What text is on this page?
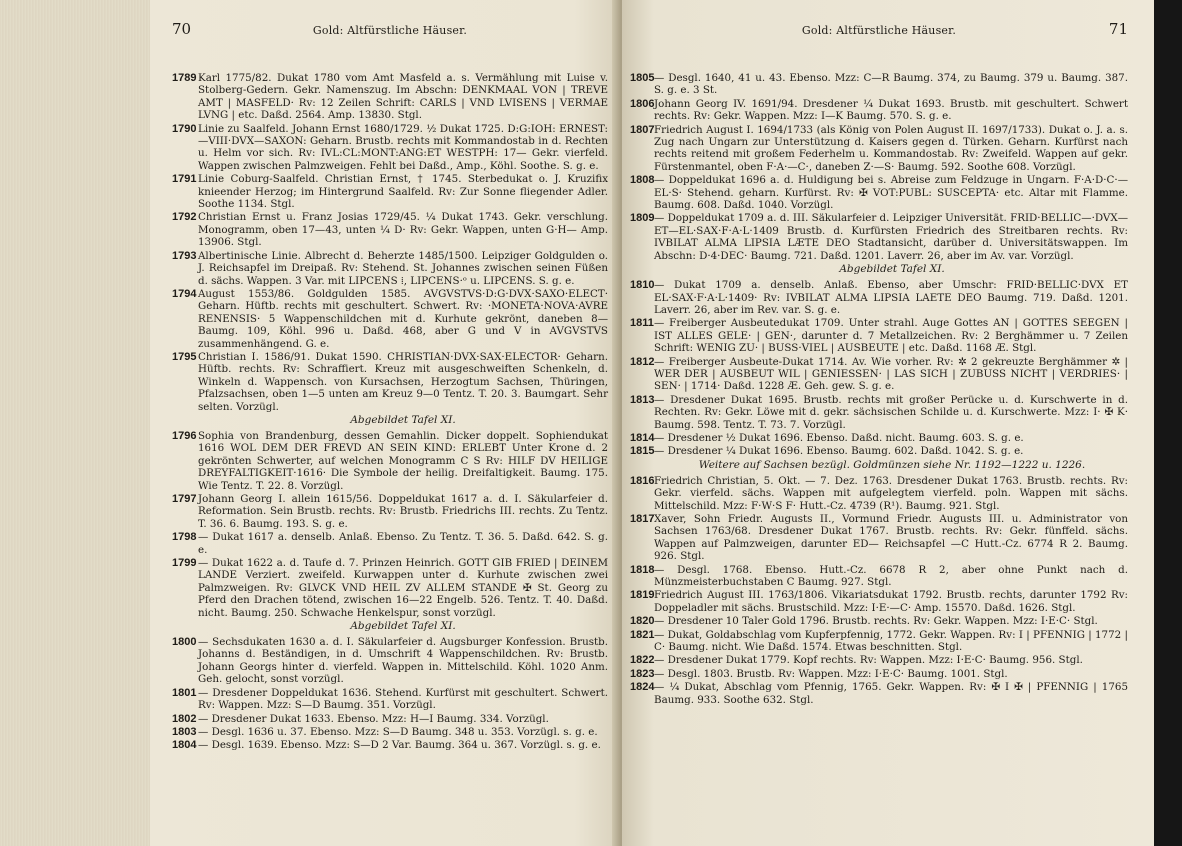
70	Gold: Altfürstliche Häuser.
1789 Karl 1775/82. Dukat 1780 vom Amt Masfeld a. s. Vermählung mit Luise v. Stolberg-Gedern. Gekr. Namenszug. Im Abschn: DENKMAAL VON | TREVE AMT | MASFELD· Rv: 12 Zeilen Schrift: CARLS | VND LVISENS | VERMAE LVNG | etc. Daßd. 2564. Amp. 13830. Stgl.
1790 Linie zu Saalfeld. Johann Ernst 1680/1729. ½ Dukat 1725. D:G:IOH: ERNEST:—VIII·DVX—SAXON: Geharn. Brustb. rechts mit Kommandostab in d. Rechten u. Helm vor sich. Rv: IVL:CL:MONT:ANG:ET WESTPH: 17— Gekr. vierfeld. Wappen zwischen Palmzweigen. Fehlt bei Daßd., Amp., Köhl. Soothe. S. g. e.
1791 Linie Coburg-Saalfeld. Christian Ernst, † 1745. Sterbedukat o. J. Kruzifix knieender Herzog; im Hintergrund Saalfeld. Rv: Zur Sonne fliegender Adler. Soothe 1134. Stgl.
1792 Christian Ernst u. Franz Josias 1729/45. ¼ Dukat 1743. Gekr. verschlung. Monogramm, oben 17—43, unten ¼ D· Rv: Gekr. Wappen, unten G·H— Amp. 13906. Stgl.
1793 Albertinische Linie. Albrecht d. Beherzte 1485/1500. Leipziger Goldgulden o. J. Reichsapfel im Dreipaß. Rv: Stehend. St. Johannes zwischen seinen Füßen d. sächs. Wappen. 3 Var. mit LIPCENS ⁞, LIPCENS·ᵒ u. LIPCENS. S. g. e.
1794 August 1553/86. Goldgulden 1585. AVGVSTVS·D:G·DVX·SAXO·ELECT· Geharn. Hüftb. rechts mit geschultert. Schwert. Rv: ·MONETA·NOVA·AVRE RENENSIS· 5 Wappenschildchen mit d. Kurhute gekrönt, daneben 8— Baumg. 109, Köhl. 996 u. Daßd. 468, aber G und V in AVGVSTVS zusammenhängend. G. e.
1795 Christian I. 1586/91. Dukat 1590. CHRISTIAN·DVX·SAX·ELECTOR· Geharn. Hüftb. rechts. Rv: Schraffiert. Kreuz mit ausgeschweiften Schenkeln, d. Winkeln d. Wappensch. von Kursachsen, Herzogtum Sachsen, Thüringen, Pfalzsachsen, oben 1—5 unten am Kreuz 9—0 Tentz. T. 20. 3. Baumgart. Sehr selten. Vorzügl.
Abgebildet Tafel XI.
1796 Sophia von Brandenburg, dessen Gemahlin. Dicker doppelt. Sophiendukat 1616 WOL DEM DER FREVD AN SEIN KIND: ERLEBT Unter Krone d. 2 gekrönten Schwerter, auf welchen Monogramm C S Rv: HILF DV HEILIGE DREYFALTIGKEIT·1616· Die Symbole der heilig. Dreifaltigkeit. Baumg. 175. Wie Tentz. T. 22. 8. Vorzügl.
1797 Johann Georg I. allein 1615/56. Doppeldukat 1617 a. d. I. Säkularfeier d. Reformation. Sein Brustb. rechts. Rv: Brustb. Friedrichs III. rechts. Zu Tentz. T. 36. 6. Baumg. 193. S. g. e.
1798 — Dukat 1617 a. denselb. Anlaß. Ebenso. Zu Tentz. T. 36. 5. Daßd. 642. S. g. e.
1799 — Dukat 1622 a. d. Taufe d. 7. Prinzen Heinrich. GOTT GIB FRIED | DEINEM LANDE Verziert. zweifeld. Kurwappen unter d. Kurhute zwischen zwei Palmzweigen. Rv: GLVCK VND HEIL ZV ALLEM STANDE ✠ St. Georg zu Pferd den Drachen tötend, zwischen 16—22 Engelb. 526. Tentz. T. 40. Daßd. nicht. Baumg. 250. Schwache Henkelspur, sonst vorzügl.
Abgebildet Tafel XI.
1800 — Sechsdukaten 1630 a. d. I. Säkularfeier d. Augsburger Konfession. Brustb. Johanns d. Beständigen, in d. Umschrift 4 Wappenschildchen. Rv: Brustb. Johann Georgs hinter d. vierfeld. Wappen in. Mittelschild. Köhl. 1020 Anm. Geh. gelocht, sonst vorzügl.
1801 — Dresdener Doppeldukat 1636. Stehend. Kurfürst mit geschultert. Schwert. Rv: Wappen. Mzz: S—D Baumg. 351. Vorzügl.
1802 — Dresdener Dukat 1633. Ebenso. Mzz: H—I Baumg. 334. Vorzügl.
1803 — Desgl. 1636 u. 37. Ebenso. Mzz: S—D Baumg. 348 u. 353. Vorzügl. s. g. e.
1804 — Desgl. 1639. Ebenso. Mzz: S—D 2 Var. Baumg. 364 u. 367. Vorzügl. s. g. e.
Gold: Altfürstliche Häuser.	71
1805 — Desgl. 1640, 41 u. 43. Ebenso. Mzz: C—R Baumg. 374, zu Baumg. 379 u. Baumg. 387. S. g. e. 3 St.
1806 Johann Georg IV. 1691/94. Dresdener ¼ Dukat 1693. Brustb. mit geschultert. Schwert rechts. Rv: Gekr. Wappen. Mzz: I—K Baumg. 570. S. g. e.
1807 Friedrich August I. 1694/1733 (als König von Polen August II. 1697/1733). Dukat o. J. a. s. Zug nach Ungarn zur Unterstützung d. Kaisers gegen d. Türken. Geharn. Kurfürst nach rechts reitend mit großem Federhelm u. Kommandostab. Rv: Zweifeld. Wappen auf gekr. Fürstenmantel, oben F·A·—C·, daneben Z·—S· Baumg. 592. Soothe 608. Vorzügl.
1808 — Doppeldukat 1696 a. d. Huldigung bei s. Abreise zum Feldzuge in Ungarn. F·A·D·C·—EL·S· Stehend. geharn. Kurfürst. Rv: ✠ VOT:PUBL: SUSCEPTA· etc. Altar mit Flamme. Baumg. 608. Daßd. 1040. Vorzügl.
1809 — Doppeldukat 1709 a. d. III. Säkularfeier d. Leipziger Universität. FRID·BELLIC—·DVX—ET—EL·SAX·F·A·L·1409 Brustb. d. Kurfürsten Friedrich des Streitbaren rechts. Rv: IVBILAT ALMA LIPSIA LÆTE DEO Stadtansicht, darüber d. Universitätswappen. Im Abschn: D·4·DEC· Baumg. 721. Daßd. 1201. Laverr. 26, aber im Av. var. Vorzügl.
Abgebildet Tafel XI.
1810 — Dukat 1709 a. denselb. Anlaß. Ebenso, aber Umschr: FRID·BELLIC·DVX ET EL·SAX·F·A·L·1409· Rv: IVBILAT ALMA LIPSIA LAETE DEO Baumg. 719. Daßd. 1201. Laverr. 26, aber im Rev. var. S. g. e.
1811 — Freiberger Ausbeutedukat 1709. Unter strahl. Auge Gottes AN | GOTTES SEEGEN | IST ALLES GELE· | GEN·, darunter d. 7 Metallzeichen. Rv: 2 Berghämmer u. 7 Zeilen Schrift: WENIG ZU· | BUSS·VIEL | AUSBEUTE | etc. Daßd. 1168 Æ. Stgl.
1812 — Freiberger Ausbeute-Dukat 1714. Av. Wie vorher. Rv: ✲ 2 gekreuzte Berghämmer ✲ | WER DER | AUSBEUT WIL | GENIESSEN· | LAS SICH | ZUBUSS NICHT | VERDRIES· | SEN· | 1714· Daßd. 1228 Æ. Geh. gew. S. g. e.
1813 — Dresdener Dukat 1695. Brustb. rechts mit großer Perücke u. d. Kurschwerte in d. Rechten. Rv: Gekr. Löwe mit d. gekr. sächsischen Schilde u. d. Kurschwerte. Mzz: I· ✠ K· Baumg. 598. Tentz. T. 73. 7. Vorzügl.
1814 — Dresdener ½ Dukat 1696. Ebenso. Daßd. nicht. Baumg. 603. S. g. e.
1815 — Dresdener ¼ Dukat 1696. Ebenso. Baumg. 602. Daßd. 1042. S. g. e.
Weitere auf Sachsen bezügl. Goldmünzen siehe Nr. 1192—1222 u. 1226.
1816 Friedrich Christian, 5. Okt. — 7. Dez. 1763. Dresdener Dukat 1763. Brustb. rechts. Rv: Gekr. vierfeld. sächs. Wappen mit aufgelegtem vierfeld. poln. Wappen mit sächs. Mittelschild. Mzz: F·W·S F· Hutt.-Cz. 4739 (R¹). Baumg. 921. Stgl.
1817 Xaver, Sohn Friedr. Augusts II., Vormund Friedr. Augusts III. u. Administrator von Sachsen 1763/68. Dresdener Dukat 1767. Brustb. rechts. Rv: Gekr. fünffeld. sächs. Wappen auf Palmzweigen, darunter ED— Reichsapfel —C Hutt.-Cz. 6774 R 2. Baumg. 926. Stgl.
1818 — Desgl. 1768. Ebenso. Hutt.-Cz. 6678 R 2, aber ohne Punkt nach d. Münzmeisterbuchstaben C Baumg. 927. Stgl.
1819 Friedrich August III. 1763/1806. Vikariatsdukat 1792. Brustb. rechts, darunter 1792 Rv: Doppeladler mit sächs. Brustschild. Mzz: I·E·—C· Amp. 15570. Daßd. 1626. Stgl.
1820 — Dresdener 10 Taler Gold 1796. Brustb. rechts. Rv: Gekr. Wappen. Mzz: I·E·C· Stgl.
1821 — Dukat, Goldabschlag vom Kupferpfennig, 1772. Gekr. Wappen. Rv: I | PFENNIG | 1772 | C· Baumg. nicht. Wie Daßd. 1574. Etwas beschnitten. Stgl.
1822 — Dresdener Dukat 1779. Kopf rechts. Rv: Wappen. Mzz: I·E·C· Baumg. 956. Stgl.
1823 — Desgl. 1803. Brustb. Rv: Wappen. Mzz: I·E·C· Baumg. 1001. Stgl.
1824 — ¼ Dukat, Abschlag vom Pfennig, 1765. Gekr. Wappen. Rv: ✠ I ✠ | PFENNIG | 1765 Baumg. 933. Soothe 632. Stgl.
